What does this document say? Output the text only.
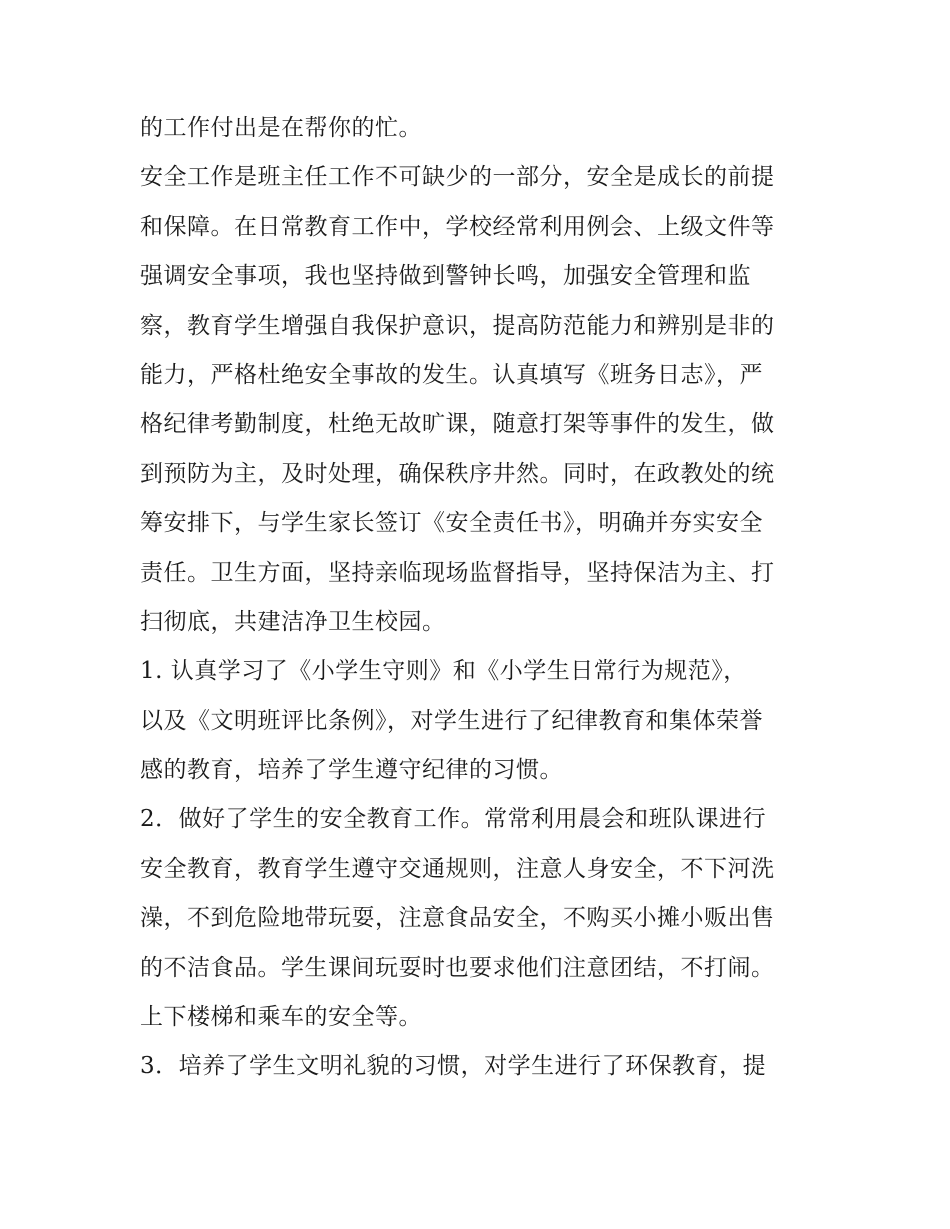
的工作付出是在帮你的忙。
安全工作是班主任工作不可缺少的一部分，安全是成长的前提
和保障。在日常教育工作中，学校经常利用例会、上级文件等
强调安全事项，我也坚持做到警钟长鸣，加强安全管理和监
察，教育学生增强自我保护意识，提高防范能力和辨别是非的
能力，严格杜绝安全事故的发生。认真填写《班务日志》，严
格纪律考勤制度，杜绝无故旷课，随意打架等事件的发生，做
到预防为主，及时处理，确保秩序井然。同时，在政教处的统
筹安排下，与学生家长签订《安全责任书》，明确并夯实安全
责任。卫生方面，坚持亲临现场监督指导，坚持保洁为主、打
扫彻底，共建洁净卫生校园。
1. 认真学习了《小学生守则》和《小学生日常行为规范》，
以及《文明班评比条例》，对学生进行了纪律教育和集体荣誉
感的教育，培养了学生遵守纪律的习惯。
2．做好了学生的安全教育工作。常常利用晨会和班队课进行
安全教育，教育学生遵守交通规则，注意人身安全，不下河洗
澡，不到危险地带玩耍，注意食品安全，不购买小摊小贩出售
的不洁食品。学生课间玩耍时也要求他们注意团结，不打闹。
上下楼梯和乘车的安全等。
3．培养了学生文明礼貌的习惯，对学生进行了环保教育，提
